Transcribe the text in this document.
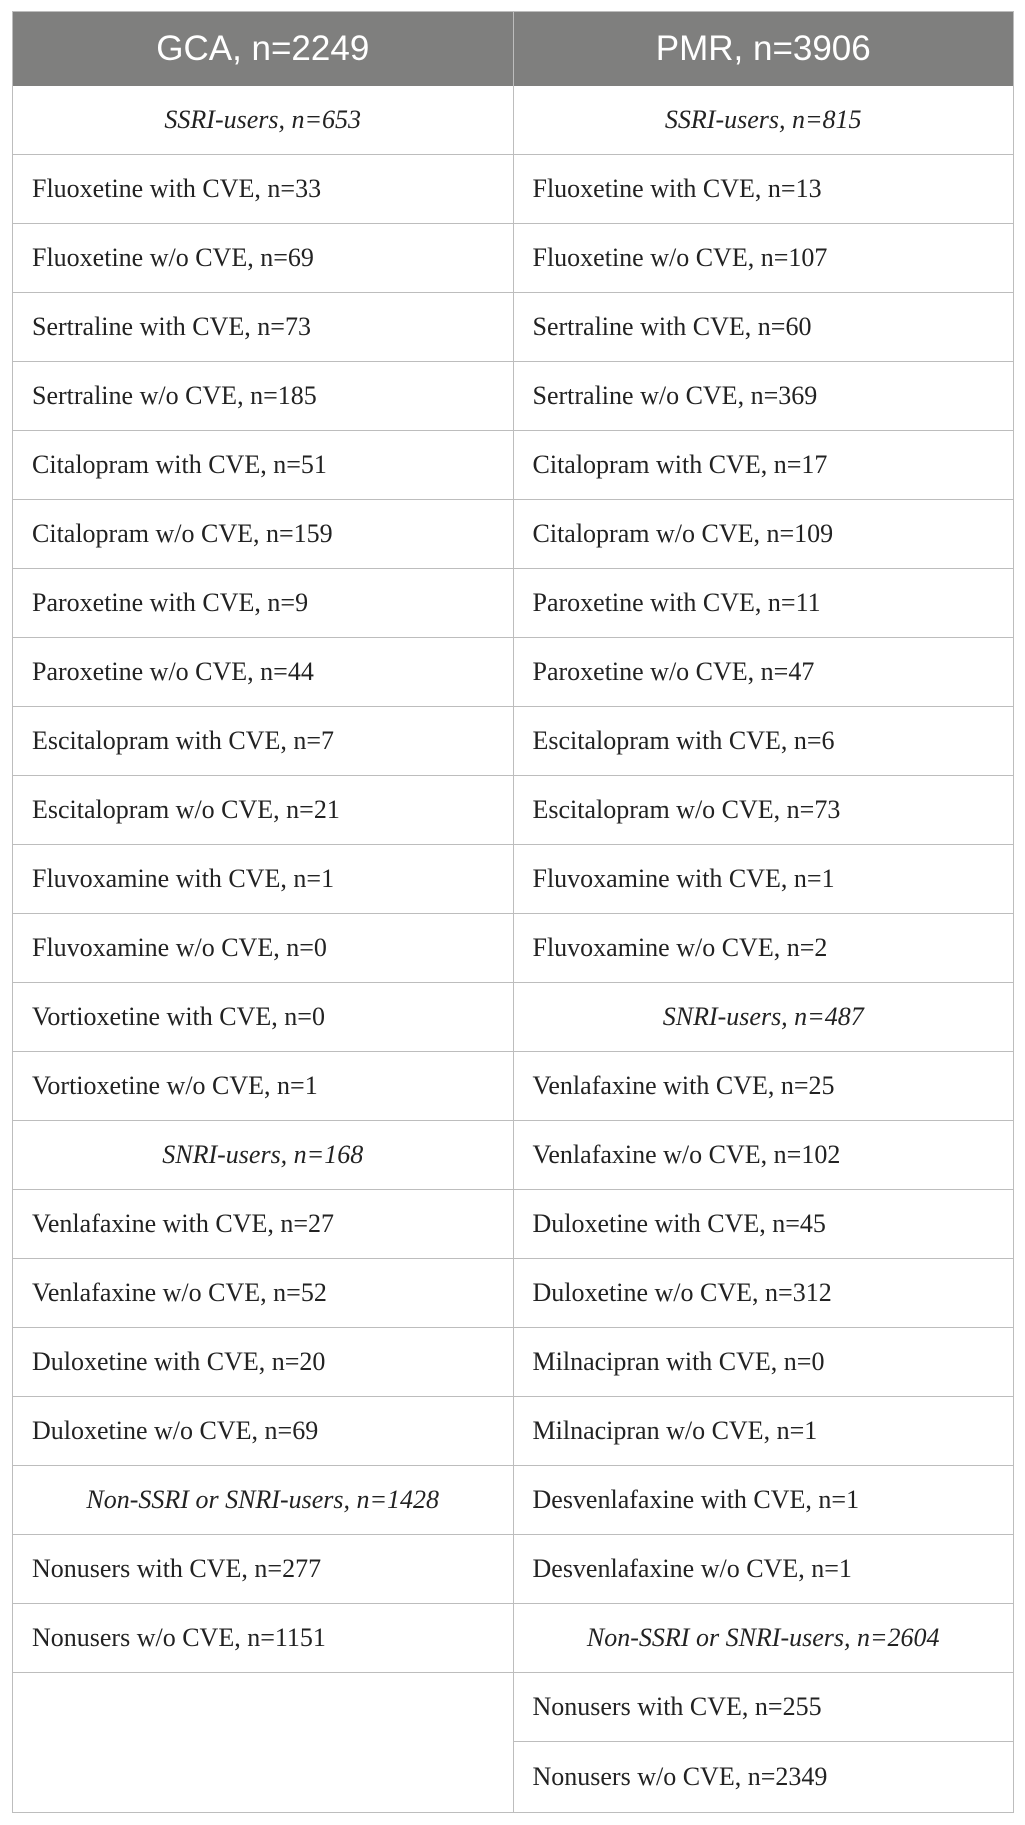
GCA, n=2249	PMR, n=3906
SSRI-users, n=653
Fluoxetine with CVE, n=33
Fluoxetine w/o CVE, n=69
Sertraline with CVE, n=73
Sertraline w/o CVE, n=185
Citalopram with CVE, n=51
Citalopram w/o CVE, n=159
Paroxetine with CVE, n=9
Paroxetine w/o CVE, n=44
Escitalopram with CVE, n=7
Escitalopram w/o CVE, n=21
Fluvoxamine with CVE, n=1
Fluvoxamine w/o CVE, n=0
Vortioxetine with CVE, n=0
Vortioxetine w/o CVE, n=1
SNRI-users, n=168
Venlafaxine with CVE, n=27
Venlafaxine w/o CVE, n=52
Duloxetine with CVE, n=20
Duloxetine w/o CVE, n=69
Non-SSRI or SNRI-users, n=1428
Nonusers with CVE, n=277
Nonusers w/o CVE, n=1151
SSRI-users, n=815
Fluoxetine with CVE, n=13
Fluoxetine w/o CVE, n=107
Sertraline with CVE, n=60
Sertraline w/o CVE, n=369
Citalopram with CVE, n=17
Citalopram w/o CVE, n=109
Paroxetine with CVE, n=11
Paroxetine w/o CVE, n=47
Escitalopram with CVE, n=6
Escitalopram w/o CVE, n=73
Fluvoxamine with CVE, n=1
Fluvoxamine w/o CVE, n=2
SNRI-users, n=487
Venlafaxine with CVE, n=25
Venlafaxine w/o CVE, n=102
Duloxetine with CVE, n=45
Duloxetine w/o CVE, n=312
Milnacipran with CVE, n=0
Milnacipran w/o CVE, n=1
Desvenlafaxine with CVE, n=1
Desvenlafaxine w/o CVE, n=1
Non-SSRI or SNRI-users, n=2604
Nonusers with CVE, n=255
Nonusers w/o CVE, n=2349
